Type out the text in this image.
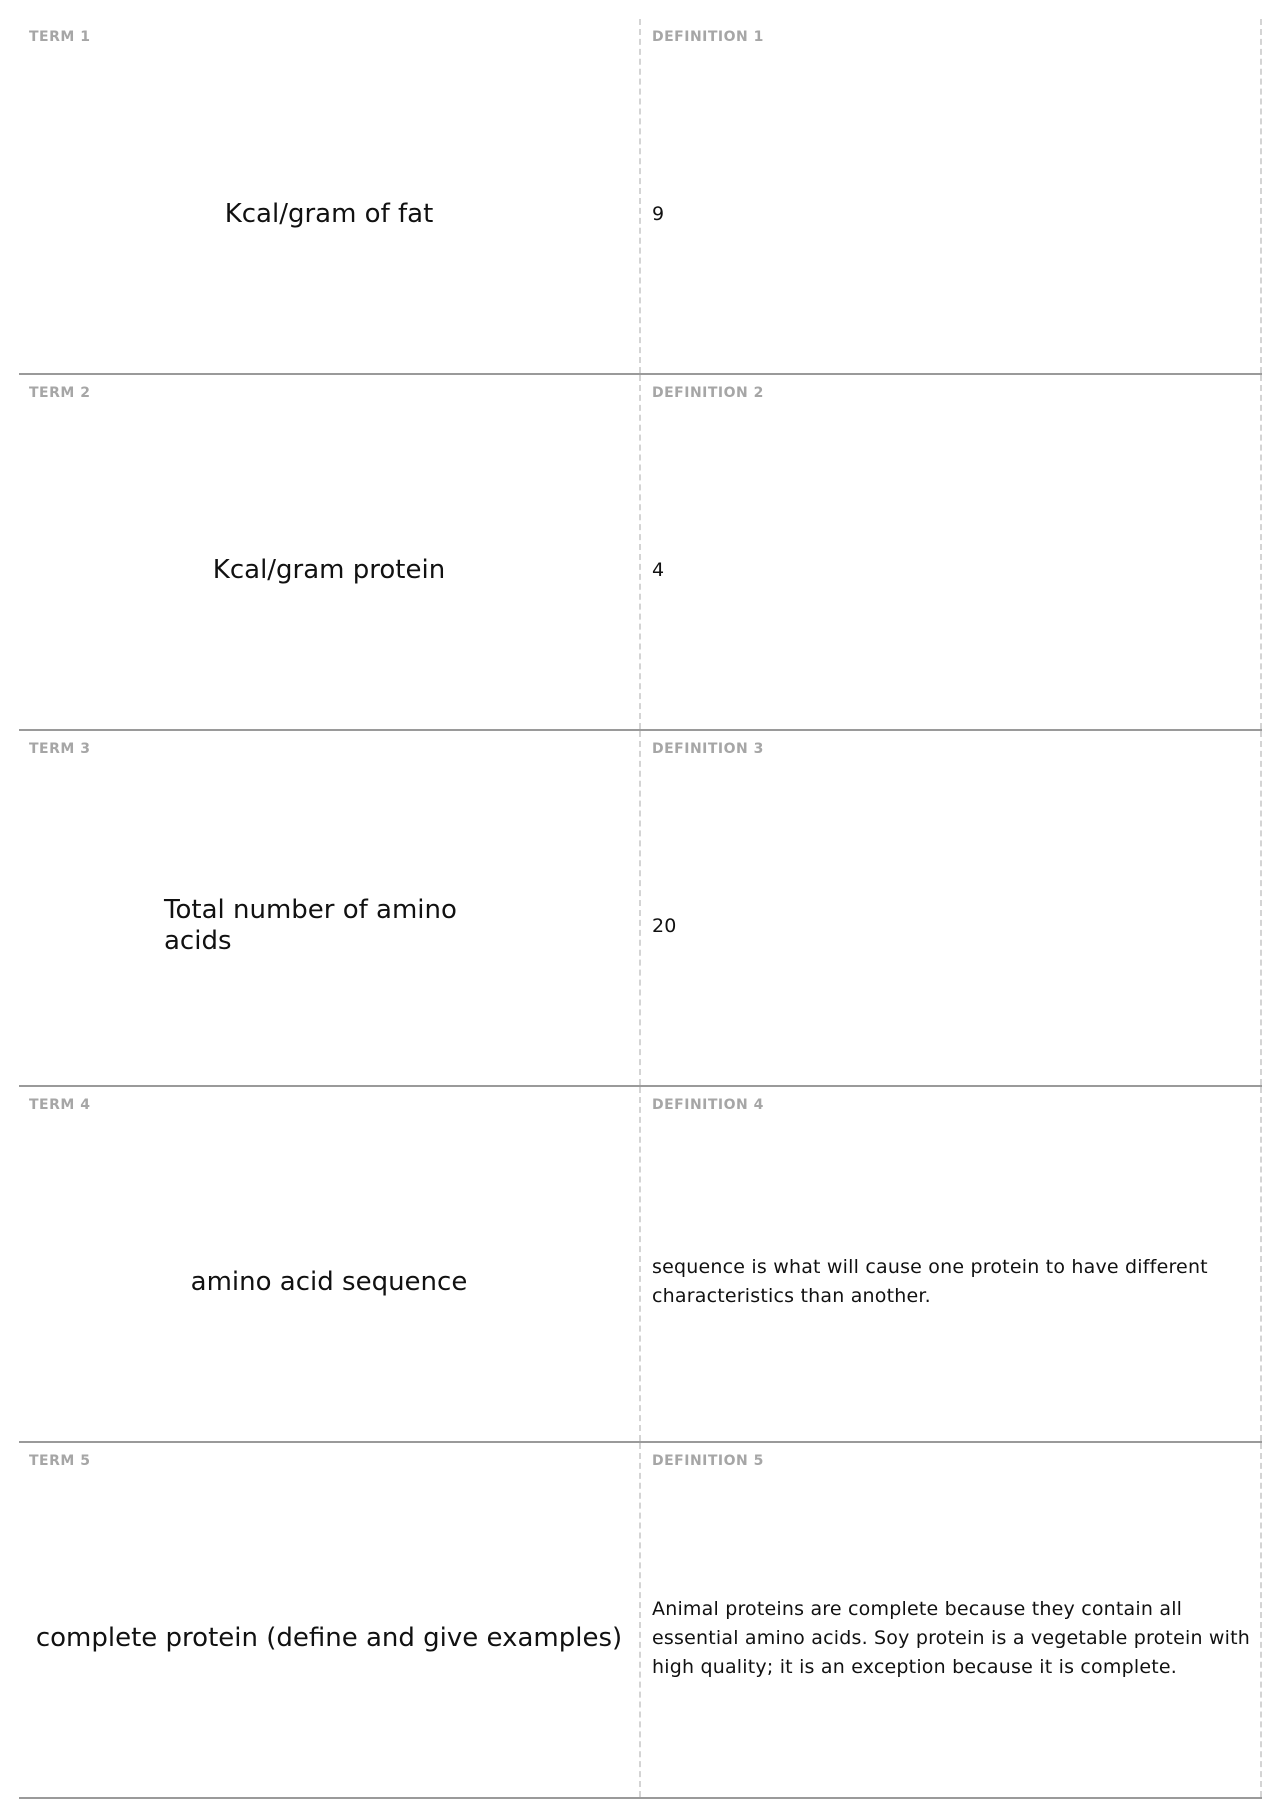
TERM 1
Kcal/gram of fat
DEFINITION 1
9
TERM 2
Kcal/gram protein
DEFINITION 2
4
TERM 3
Total number of amino acids
DEFINITION 3
20
TERM 4
amino acid sequence
DEFINITION 4
sequence is what will cause one protein to have different characteristics than another.
TERM 5
complete protein (define and give examples)
DEFINITION 5
Animal proteins are complete because they contain all essential amino acids. Soy protein is a vegetable protein with high quality; it is an exception because it is complete.
